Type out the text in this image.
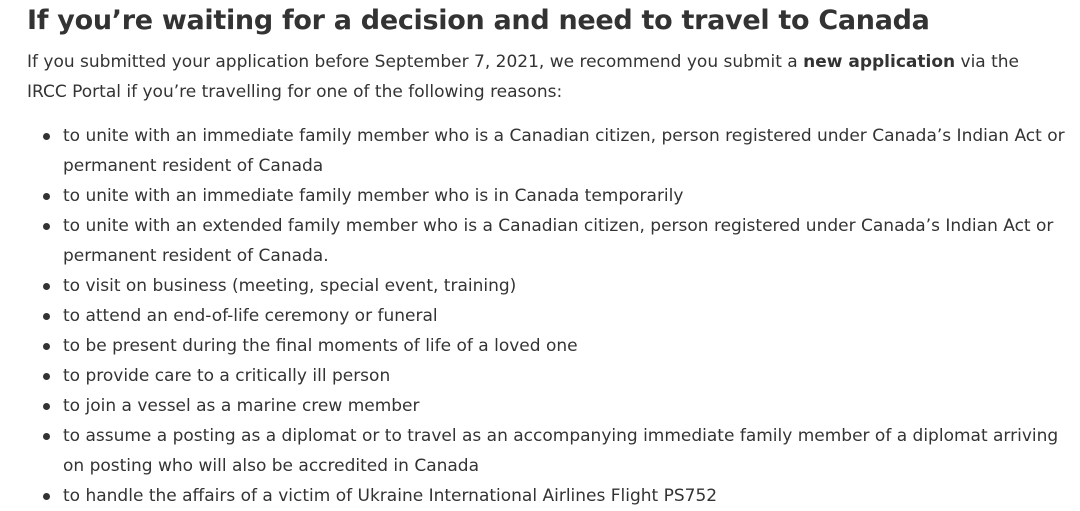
If you’re waiting for a decision and need to travel to Canada

If you submitted your application before September 7, 2021, we recommend you submit a new application via the IRCC Portal if you’re travelling for one of the following reasons:

to unite with an immediate family member who is a Canadian citizen, person registered under Canada’s Indian Act or permanent resident of Canada
to unite with an immediate family member who is in Canada temporarily
to unite with an extended family member who is a Canadian citizen, person registered under Canada’s Indian Act or permanent resident of Canada.
to visit on business (meeting, special event, training)
to attend an end-of-life ceremony or funeral
to be present during the final moments of life of a loved one
to provide care to a critically ill person
to join a vessel as a marine crew member
to assume a posting as a diplomat or to travel as an accompanying immediate family member of a diplomat arriving on posting who will also be accredited in Canada
to handle the affairs of a victim of Ukraine International Airlines Flight PS752
